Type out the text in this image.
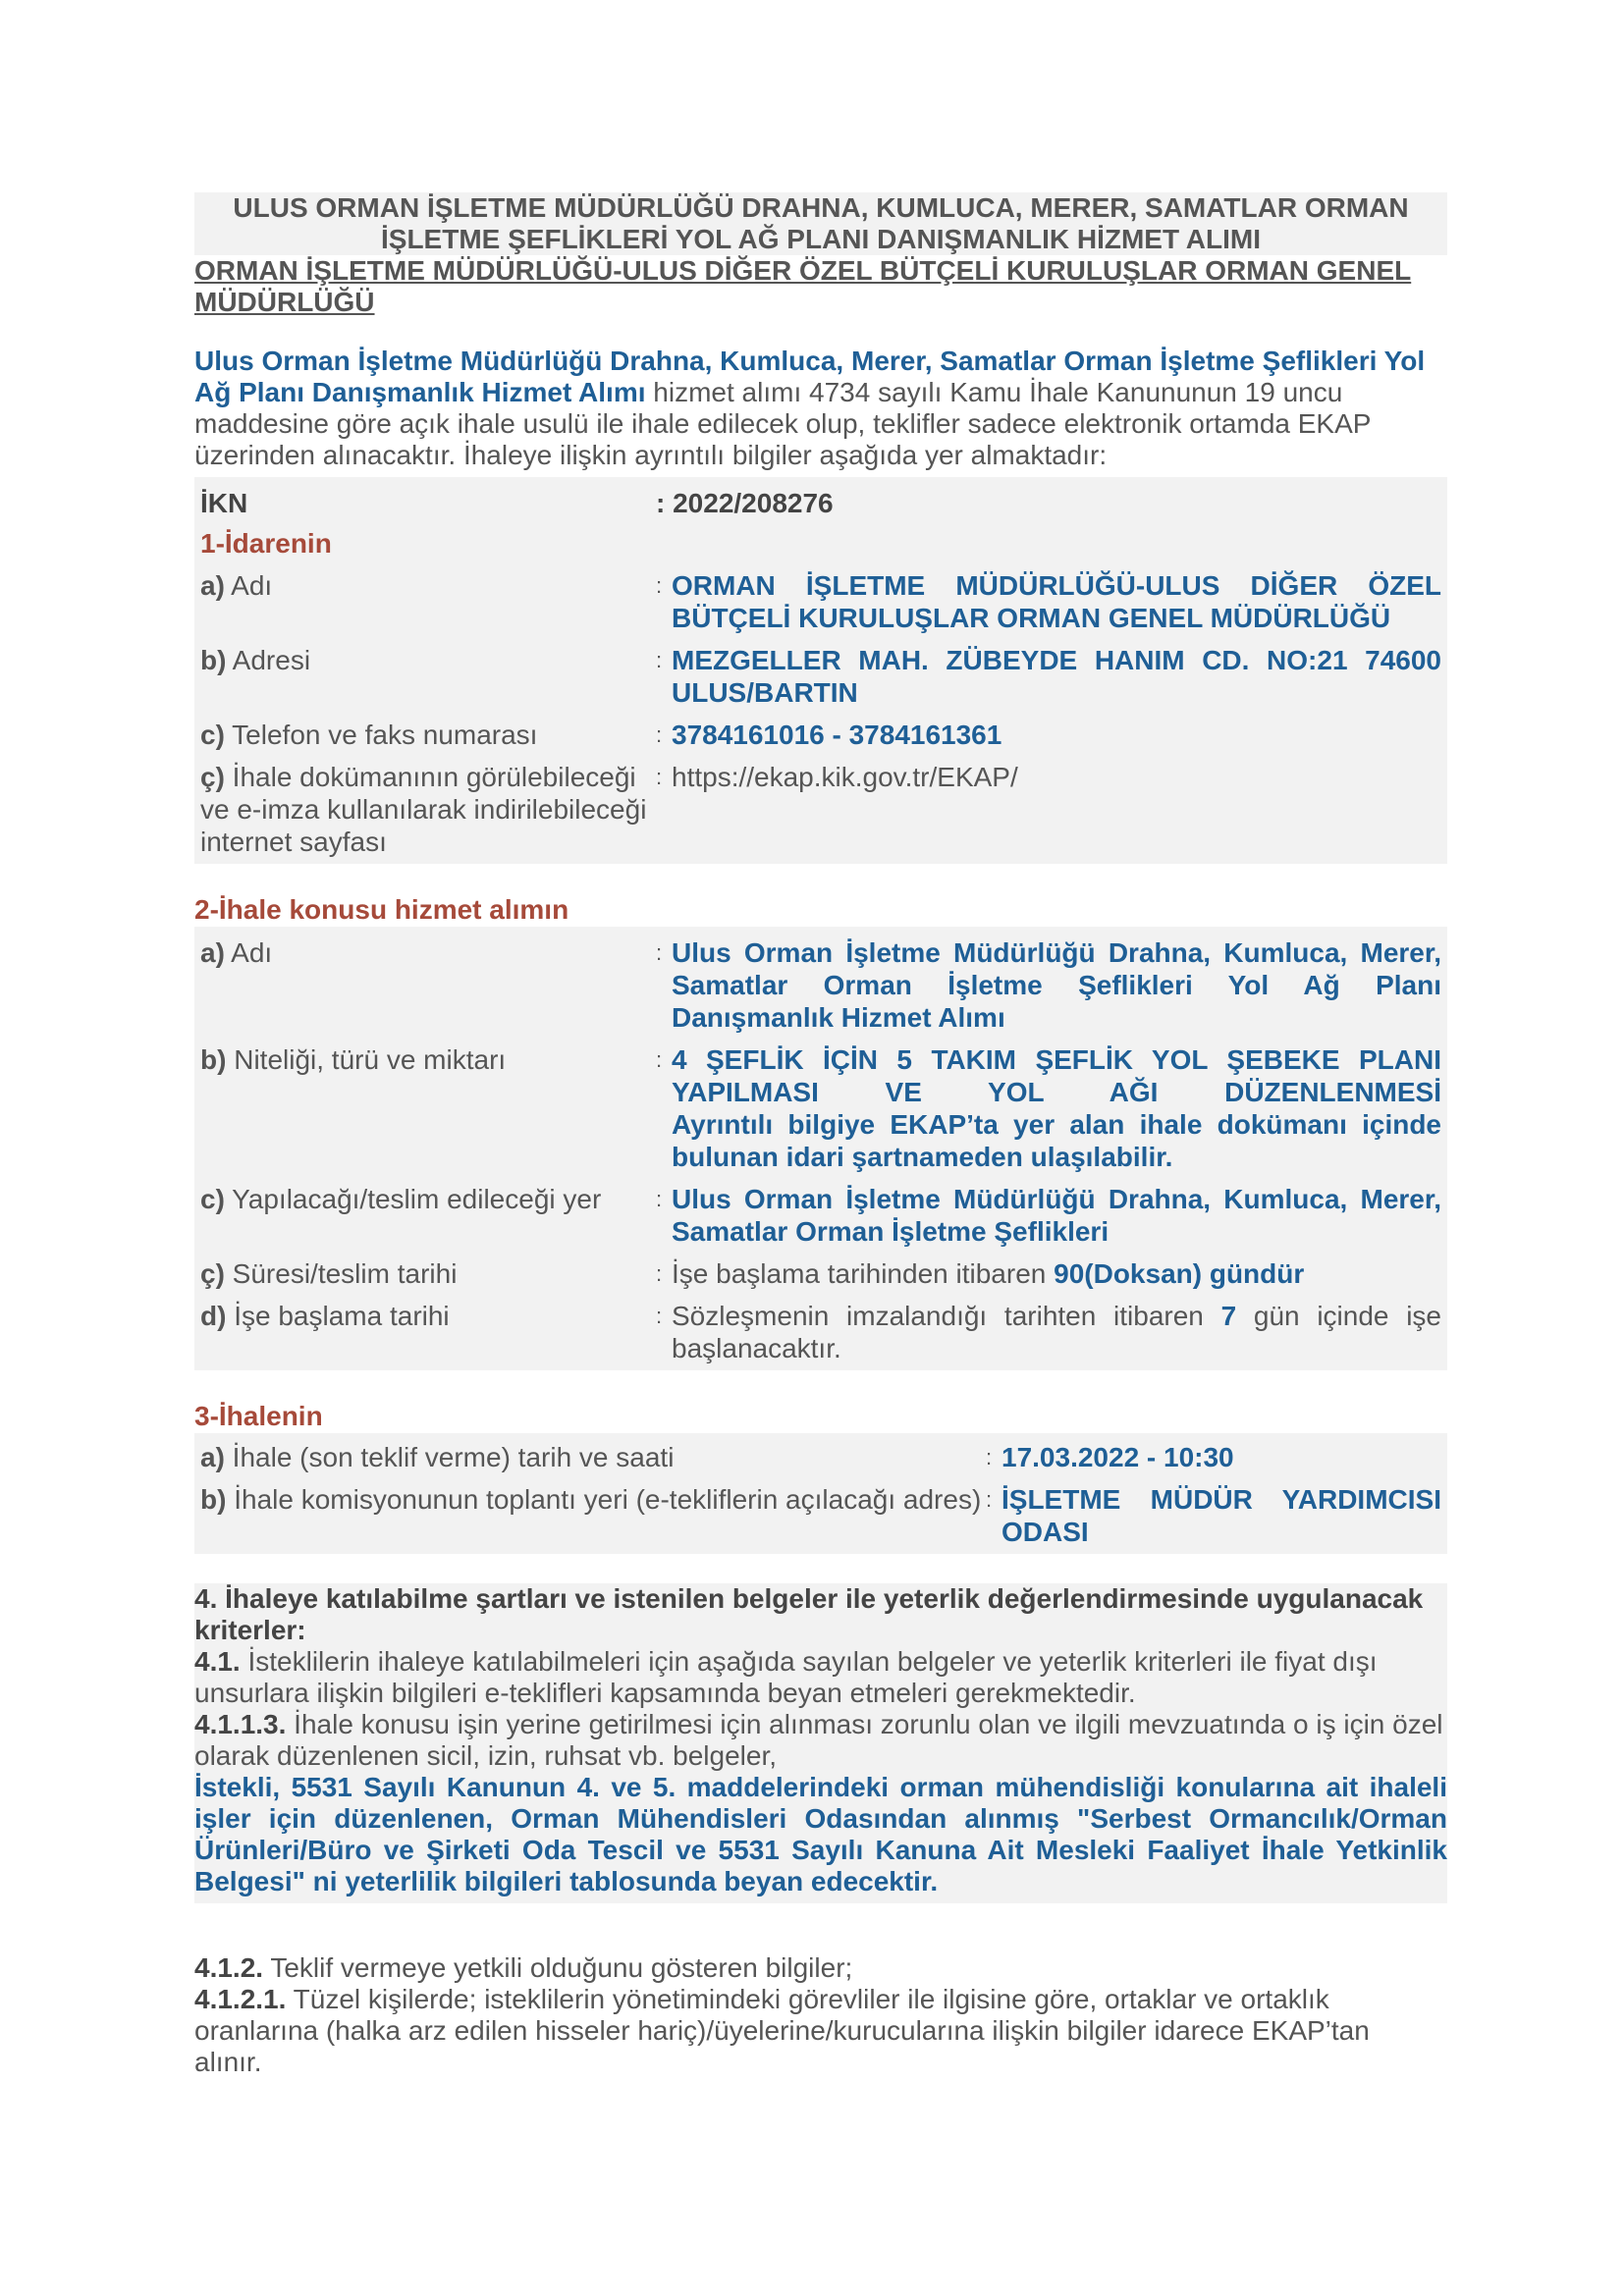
ULUS ORMAN İŞLETME MÜDÜRLÜĞÜ DRAHNA, KUMLUCA, MERER, SAMATLAR ORMAN
İŞLETME ŞEFLİKLERİ YOL AĞ PLANI DANIŞMANLIK HİZMET ALIMI
ORMAN İŞLETME MÜDÜRLÜĞÜ-ULUS DİĞER ÖZEL BÜTÇELİ KURULUŞLAR ORMAN GENEL
MÜDÜRLÜĞÜ

Ulus Orman İşletme Müdürlüğü Drahna, Kumluca, Merer, Samatlar Orman İşletme Şeflikleri Yol Ağ Planı Danışmanlık Hizmet Alımı hizmet alımı 4734 sayılı Kamu İhale Kanununun 19 uncu maddesine göre açık ihale usulü ile ihale edilecek olup, teklifler sadece elektronik ortamda EKAP üzerinden alınacaktır. İhaleye ilişkin ayrıntılı bilgiler aşağıda yer almaktadır:

İKN	: 2022/208276
1-İdarenin
a) Adı	: ORMAN İŞLETME MÜDÜRLÜĞÜ-ULUS DİĞER ÖZEL BÜTÇELİ KURULUŞLAR ORMAN GENEL MÜDÜRLÜĞÜ
b) Adresi	: MEZGELLER MAH. ZÜBEYDE HANIM CD. NO:21 74600 ULUS/BARTIN
c) Telefon ve faks numarası	: 3784161016 - 3784161361
ç) İhale dokümanının görülebileceği ve e-imza kullanılarak indirilebileceği internet sayfası
: https://ekap.kik.gov.tr/EKAP/
2-İhale konusu hizmet alımın
a) Adı	: Ulus Orman İşletme Müdürlüğü Drahna, Kumluca, Merer, Samatlar Orman İşletme Şeflikleri Yol Ağ Planı Danışmanlık Hizmet Alımı
b) Niteliği, türü ve miktarı	: 4 ŞEFLİK İÇİN 5 TAKIM ŞEFLİK YOL ŞEBEKE PLANI YAPILMASI VE YOL AĞI DÜZENLENMESİ
Ayrıntılı bilgiye EKAP’ta yer alan ihale dokümanı içinde bulunan idari şartnameden ulaşılabilir.
c) Yapılacağı/teslim edileceği yer	: Ulus Orman İşletme Müdürlüğü Drahna, Kumluca, Merer, Samatlar Orman İşletme Şeflikleri
ç) Süresi/teslim tarihi	: İşe başlama tarihinden itibaren 90(Doksan) gündür
d) İşe başlama tarihi	: Sözleşmenin imzalandığı tarihten itibaren 7 gün içinde işe başlanacaktır.
3-İhalenin
a) İhale (son teklif verme) tarih ve saati	: 17.03.2022 - 10:30
b) İhale komisyonunun toplantı yeri (e-tekliflerin açılacağı adres) : İŞLETME MÜDÜR YARDIMCISI ODASI

4. İhaleye katılabilme şartları ve istenilen belgeler ile yeterlik değerlendirmesinde uygulanacak kriterler:

4.1. İsteklilerin ihaleye katılabilmeleri için aşağıda sayılan belgeler ve yeterlik kriterleri ile fiyat dışı unsurlara ilişkin bilgileri e-teklifleri kapsamında beyan etmeleri gerekmektedir.

4.1.1.3. İhale konusu işin yerine getirilmesi için alınması zorunlu olan ve ilgili mevzuatında o iş için özel olarak düzenlenen sicil, izin, ruhsat vb. belgeler,

İstekli, 5531 Sayılı Kanunun 4. ve 5. maddelerindeki orman mühendisliği konularına ait ihaleli işler için düzenlenen, Orman Mühendisleri Odasından alınmış "Serbest Ormancılık/Orman Ürünleri/Büro ve Şirketi Oda Tescil ve 5531 Sayılı Kanuna Ait Mesleki Faaliyet İhale Yetkinlik Belgesi" ni yeterlilik bilgileri tablosunda beyan edecektir.

4.1.2. Teklif vermeye yetkili olduğunu gösteren bilgiler;

4.1.2.1. Tüzel kişilerde; isteklilerin yönetimindeki görevliler ile ilgisine göre, ortaklar ve ortaklık oranlarına (halka arz edilen hisseler hariç)/üyelerine/kurucularına ilişkin bilgiler idarece EKAP’tan alınır.
